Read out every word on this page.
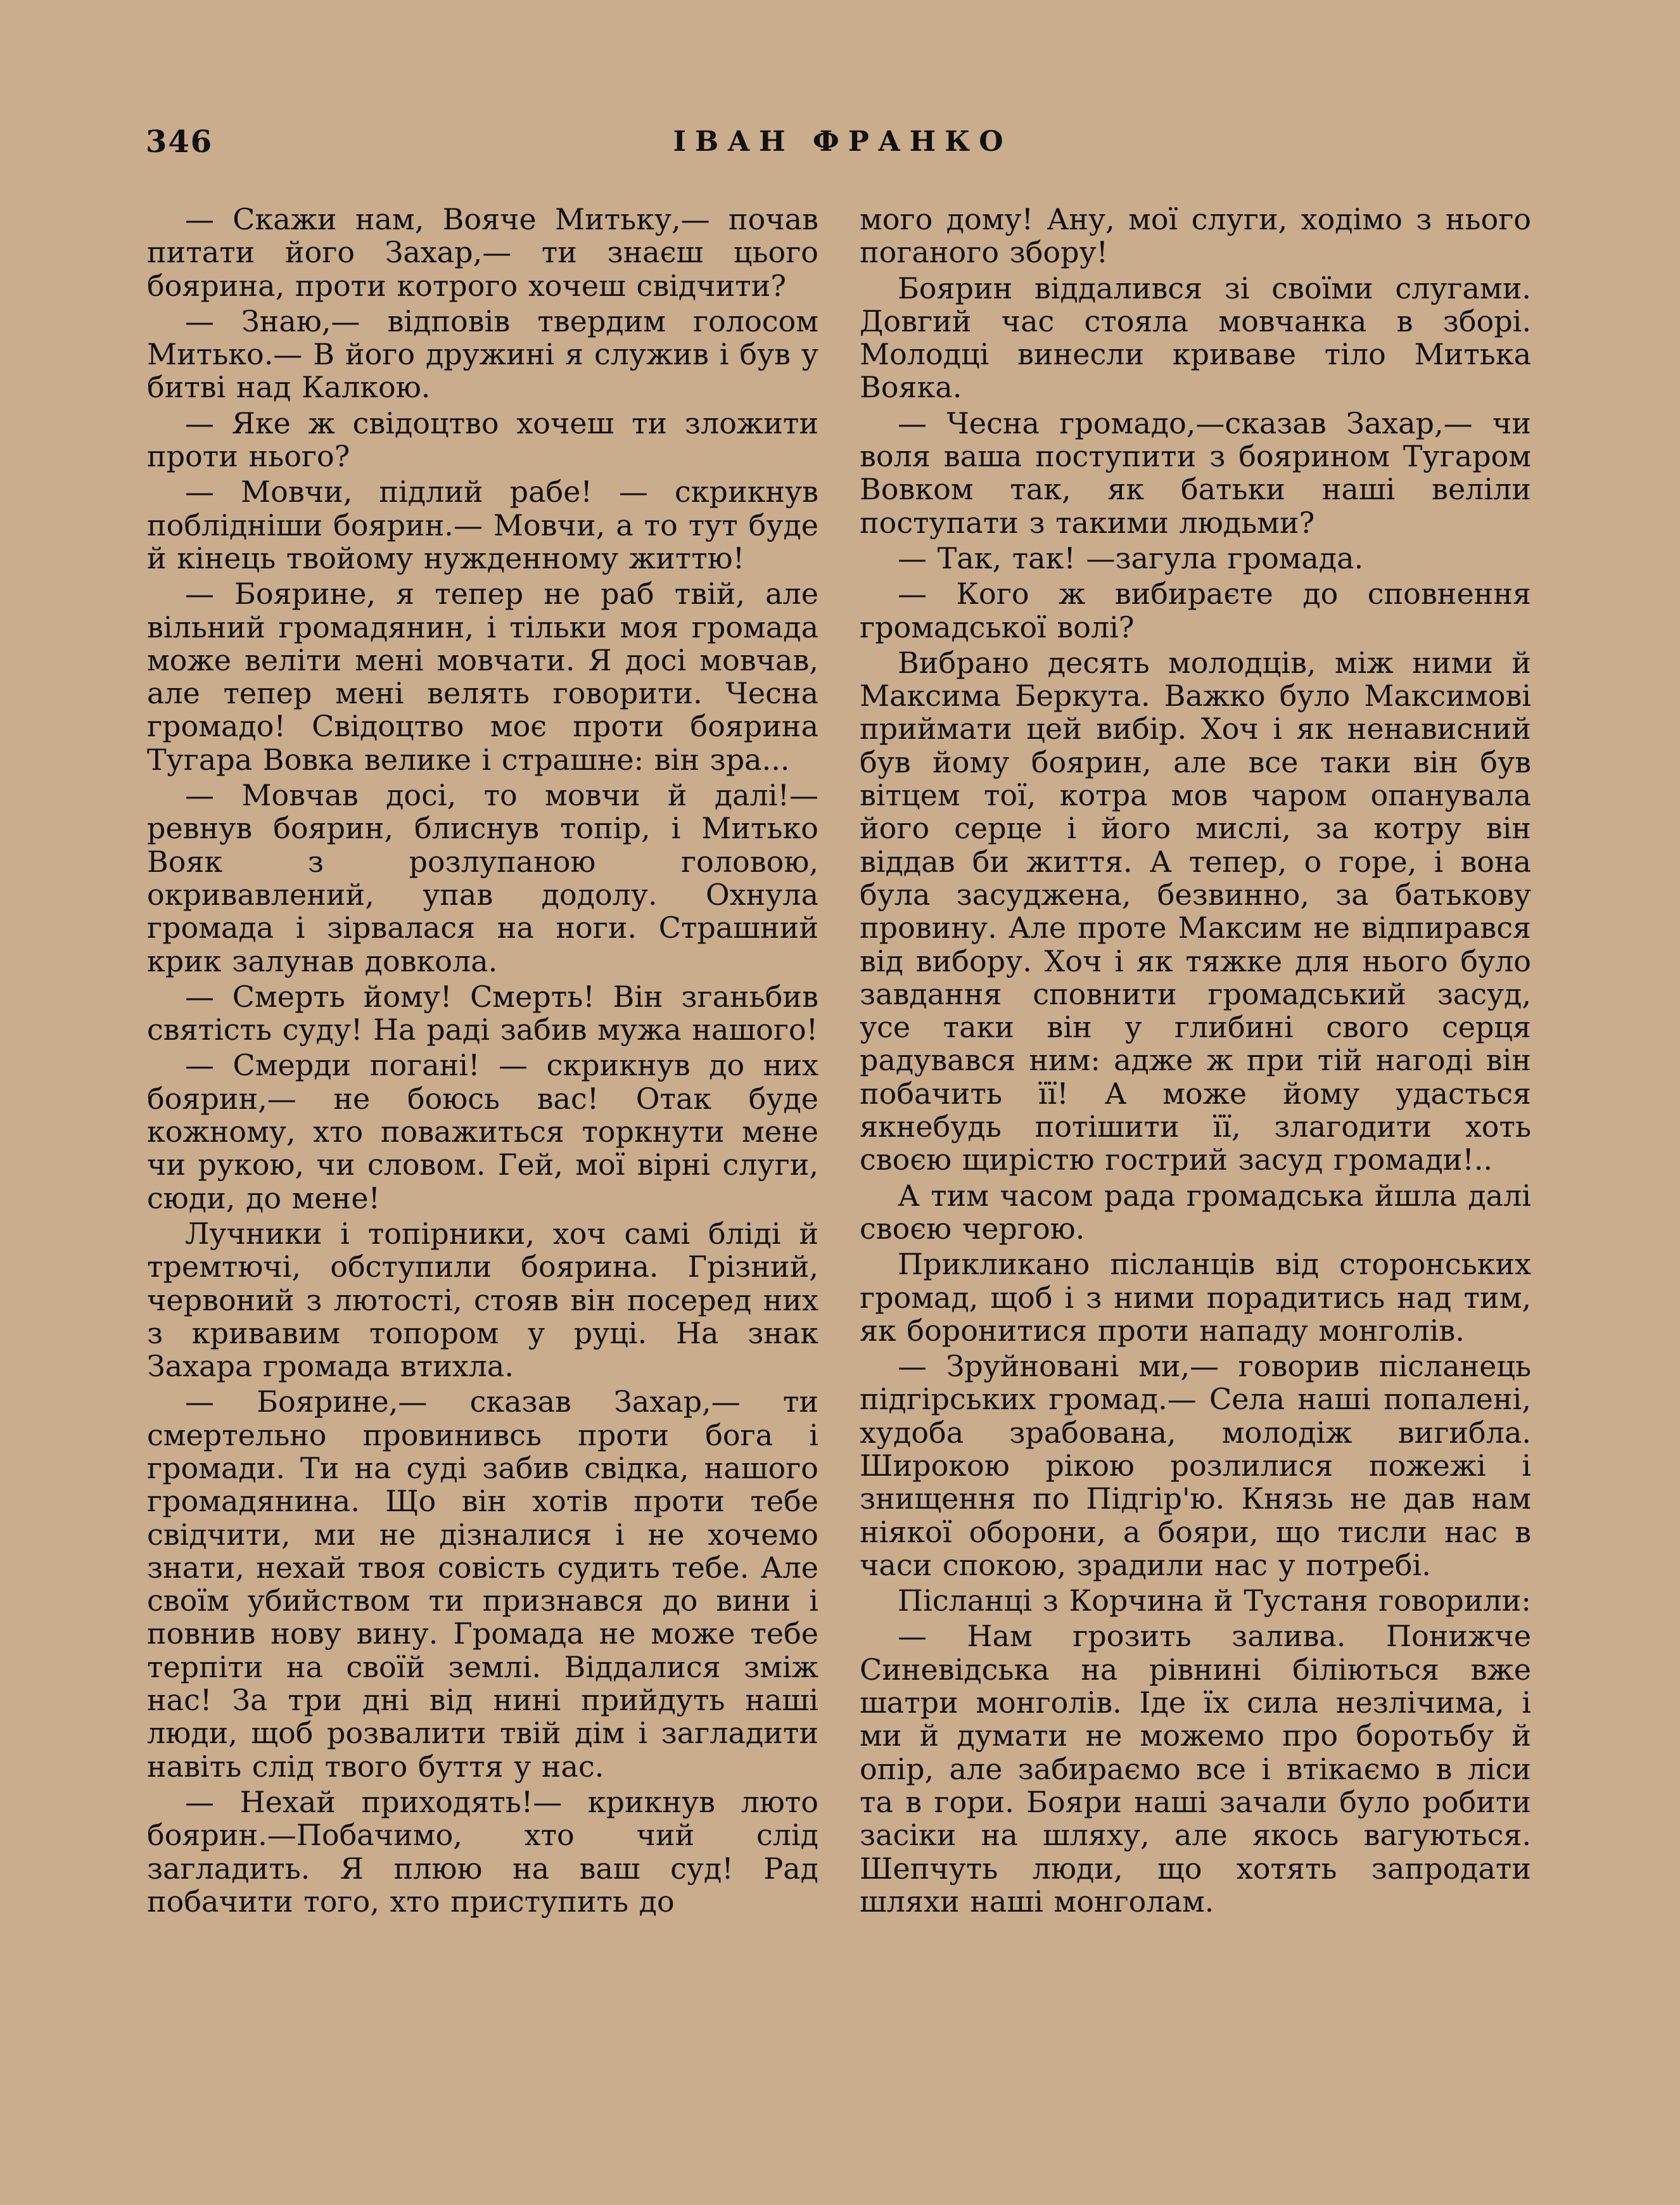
346	ІВАН ФРАНКО

— Скажи нам, Вояче Митьку,— почав питати його Захар,— ти знаєш цього боярина, проти котрого хочеш свідчити?

— Знаю,— відповів твердим голосом Митько.— В його дружині я служив і був у битві над Калкою.

— Яке ж свідоцтво хочеш ти зложити проти нього?

— Мовчи, підлий рабе! — скрикнув поблідніши боярин.— Мовчи, а то тут буде й кінець твойому нужденному життю!

— Бояpине, я тепер не раб твій, але вільний громадянин, і тільки моя громада може веліти мені мовчати. Я досі мовчав, але тепер мені велять говорити. Чесна громадо! Свідоцтво моє проти боярина Тугара Вовка велике і страшне: він зра...

— Мовчав досі, то мовчи й далі!— ревнув боярин, блиснув топір, і Митько Вояк з розлупаною головою, окривавлений, упав додолу. Охнула громада і зірвалася на ноги. Страшний крик залунав довкола.

— Смерть йому! Смерть! Він зганьбив святість суду! На раді забив мужа нашого!

— Смерди погані! — скрикнув до них боярин,— не боюсь вас! Отак буде кожному, хто поважиться торкнути мене чи рукою, чи словом. Гей, мої вірні слуги, сюди, до мене!

Лучники і топірники, хоч самі бліді й тремтючі, обступили боярина. Грізний, червоний з лютості, стояв він посеред них з кривавим топором у руці. На знак Захара громада втихла.

— Бояpине,— сказав Захар,— ти смертельно провинивсь проти бога і громади. Ти на суді забив свідка, нашого громадянина. Що він хотів проти тебе свідчити, ми не дізналися і не хочемо знати, нехай твоя совість судить тебе. Але своїм убийством ти признався до вини і повнив нову вину. Громада не може тебе терпіти на своїй землі. Віддалися зміж нас! За три дні від нині прийдуть наші люди, щоб розвалити твій дім і загладити навіть слід твого буття у нас.

— Нехай приходять!— крикнув люто боярин.—Побачимо, хто чий слід загладить. Я плюю на ваш суд! Рад побачити того, хто приступить до

мого дому! Ану, мої слуги, ходімо з нього поганого збору!

Боярин віддалився зі своїми слугами. Довгий час стояла мовчанка в зборі. Молодці винесли криваве тіло Митька Вояка.

— Чесна громадо,—сказав Захар,— чи воля ваша поступити з боярином Тугаром Вовком так, як батьки наші веліли поступати з такими людьми?

— Так, так! —загула громада.

— Кого ж вибираєте до сповнення громадської волі?

Вибрано десять молодців, між ними й Максима Беркута. Важко було Максимові приймати цей вибір. Хоч і як ненависний був йому боярин, але все таки він був вітцем тої, котра мов чаром опанувала його серце і його мислі, за котру він віддав би життя. А тепер, о горе, і вона була засуджена, безвинно, за батькову провину. Але проте Максим не відпирався від вибору. Хоч і як тяжке для нього було завдання сповнити громадський засуд, усе таки він у глибині свого серця радувався ним: адже ж при тій нагоді він побачить її! А може йому удасться якнебудь потішити її, злагодити хоть своєю щирістю гострий засуд громади!..

А тим часом рада громадська йшла далі своєю чергою.

Прикликано післанців від сторонських громад, щоб і з ними порадитись над тим, як боронитися проти нападу монголів.

— Зруйновані ми,— говорив післанець підгірських громад.— Села наші попалені, худоба зрабована, молодіж вигибла. Широкою рікою розлилися пожежі і знищення по Підгір'ю. Князь не дав нам ніякої оборони, а бояри, що тисли нас в часи спокою, зрадили нас у потребі.

Післанці з Корчина й Тустаня говорили:

— Нам грозить залива. Понижче Синевідська на рівнині біліються вже шатри монголів. Іде їх сила незлічима, і ми й думати не можемо про боротьбу й опір, але забираємо все і втікаємо в ліси та в гори. Бояри наші зачали було робити засіки на шляху, але якось вагуються. Шепчуть люди, що хотять запродати шляхи наші монголам.
